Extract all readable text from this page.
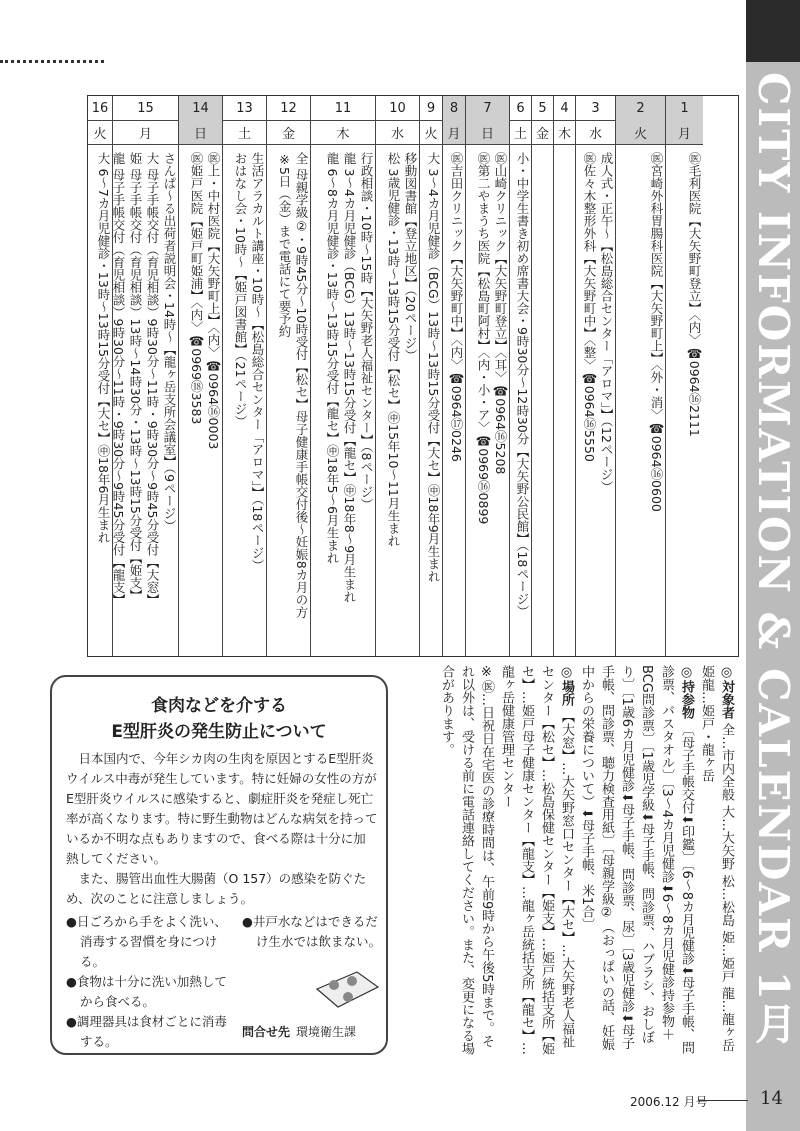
CITY INFORMATION & CALENDAR 1月
16
火
大 6～7カ月児健診・13時～13時15分受付【大セ】㊥18年6月生まれ
15
月
さんぱ～る出荷者説明会・14時～【龍ヶ岳支所会議室】（9ページ）
大 母子手帳交付（育児相談）9時30分～11時・9時30分～9時45分受付【大窓】
姫 母子手帳交付（育児相談）13時～14時30分・13時～13時15分受付【姫支】
龍 母子手帳交付（育児相談）9時30分～11時・9時30分～9時45分受付【龍支】
14
日
㊩上・中村医院【大矢野町上】〈内〉☎0964⑯0003
㊩姫戸医院【姫戸町姫浦】〈内〉☎0969⑱3583
13
土
生活アラカルト講座・10時～【松島総合センター「アロマ」】（18ページ）
おはなし会・10時～【姫戸図書館】（21ページ）
12
金
全 母親学級②・9時45分～10時受付【松セ】母子健康手帳交付後～妊娠8カ月の方
※5日（金）まで電話にて要予約
11
木
行政相談・10時～15時【大矢野老人福祉センター】（8ページ）
龍 3～4カ月児健診（BCG）13時～13時15分受付【龍セ】㊥18年8～9月生まれ
龍 6～8カ月児健診・13時～13時15分受付【龍セ】㊥18年5～6月生まれ
10
水
移動図書館【登立地区】（20ページ）
松 3歳児健診・13時～13時15分受付【松セ】㊥15年10～11月生まれ
9
火
大 3～4カ月児健診（BCG）13時～13時15分受付【大セ】㊥18年9月生まれ
8
月
㊩吉田クリニック【大矢野町中】〈内〉☎0964⑰0246
7
日
㊩山崎クリニック【大矢野町登立】〈耳〉☎0964⑯5208
㊩第二やまうち医院【松島町阿村】〈内・小・ア〉☎0969⑯0899
6
土
小・中学生書き初め席書大会・9時30分～12時30分【大矢野公民館】（18ページ）
5
金
4
木
3
水
成人式・正午～【松島総合センター「アロマ」】（12ページ）
㊩佐々木整形外科【大矢野町中】〈整〉☎0964⑯5550
2
火
㊩宮崎外科胃腸科医院【大矢野町上】〈外・消〉☎0964⑯0600
1
月
㊩毛利医院【大矢野町登立】〈内〉☎0964⑯2111

◎対象者 全…市内全般 大…大矢野 松…松島 姫…姫戸 龍…龍ヶ岳 姫龍…姫戸・龍ヶ岳

◎持参物 〔母子手帳交付⬇印鑑〕〔6～8カ月児健診⬇母子手帳、問診票、バスタオル〕〔3～4カ月児健診⬇6～8カ月児健診持参物＋BCG問診票〕〔1歳児学級⬇母子手帳、問診票、ハブラシ、おしぼり〕〔1歳6カ月児健診⬇母子手帳、問診票、尿〕〔3歳児健診⬇母子手帳、問診票、聴力検査用紙〕〔母親学級②（おっぱいの話、妊娠中からの栄養について）⬇母子手帳、米1合〕

◎場所 【大窓】…大矢野窓口センター【大セ】…大矢野老人福祉センター【松セ】…松島保健センター【姫支】…姫戸統括支所【姫セ】…姫戸母子健康センター【龍支】…龍ヶ岳統括支所【龍セ】…龍ヶ岳健康管理センター

※㊩…日祝日在宅医の診療時間は、午前9時から午後5時まで。それ以外は、受ける前に電話連絡してください。また、変更になる場合があります。

食肉などを介する
E型肝炎の発生防止について

日本国内で、今年シカ肉の生肉を原因とするE型肝炎ウイルス中毒が発生しています。特に妊婦の女性の方がE型肝炎ウイルスに感染すると、劇症肝炎を発症し死亡率が高くなります。特に野生動物はどんな病気を持っているか不明な点もありますので、食べる際は十分に加熱してください。

また、腸管出血性大腸菌（O 157）の感染を防ぐため、次のことに注意しましょう。

●日ごろから手をよく洗い、消毒する習慣を身につける。
●食物は十分に洗い加熱してから食べる。
●調理器具は食材ごとに消毒する。
●井戸水などはできるだけ生水では飲まない。
問合せ先 環境衛生課
2006.12 月号	14
